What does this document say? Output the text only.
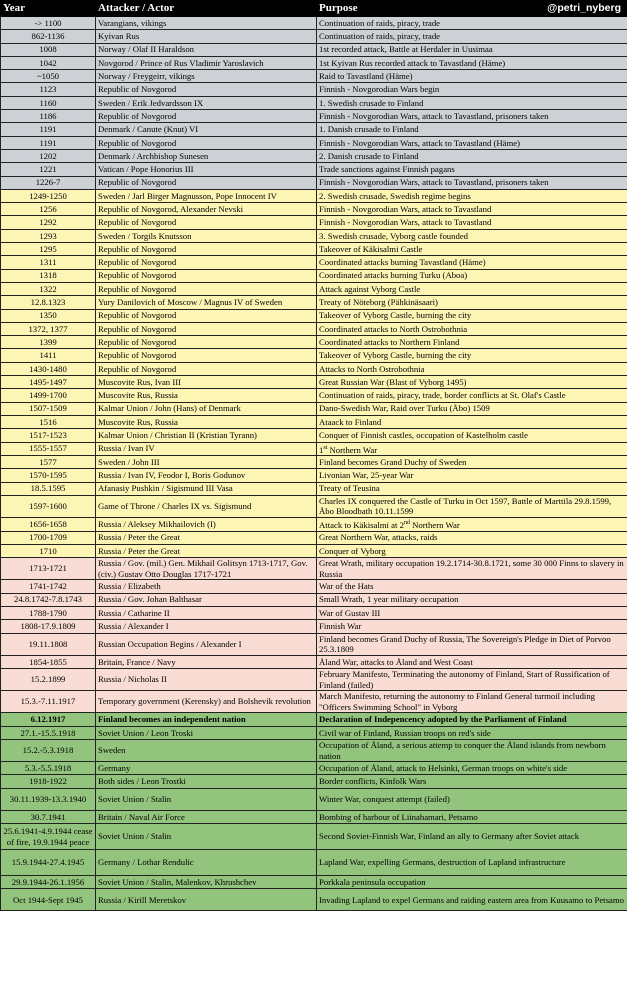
Year	Attacker / Actor	Purpose @petri_nyberg

-> 1100	Varangians, vikings	Continuation of raids, piracy, trade
862-1136	Kyivan Rus	Continuation of raids, piracy, trade
1008	Norway / Olaf II Haraldson	1st recorded attack, Battle at Herdaler in Uusimaa
1042	Novgorod / Prince of Rus Vladimir Yaroslavich	1st Kyivan Rus recorded attack to Tavastland (Häme)
~1050	Norway / Freygeirr, vikings	Raid to Tavastland (Häme)
1123	Republic of Novgorod	Finnish - Novgorodian Wars begin
1160	Sweden / Erik Jedvardsson IX	1. Swedish crusade to Finland
1186	Republic of Novgorod	Finnish - Novgorodian Wars, attack to Tavastland, prisoners taken
1191	Denmark / Canute (Knut) VI	1. Danish crusade to Finland
1191	Republic of Novgorod	Finnish - Novgorodian Wars, attack to Tavastland (Häme)
1202	Denmark / Archbishop Sunesen	2. Danish crusade to Finland
1221	Vatican / Pope Honorius III	Trade sanctions against Finnish pagans
1226-7	Republic of Novgorod	Finnish - Novgorodian Wars, attack to Tavastland, prisoners taken
1249-1250	Sweden / Jarl Birger Magnusson, Pope Innocent IV	2. Swedish crusade, Swedish regime begins
1256	Republic of Novgorod, Alexander Nevski	Finnish - Novgorodian Wars, attack to Tavastland
1292	Republic of Novgorod	Finnish - Novgorodian Wars, attack to Tavastland
1293	Sweden / Torgils Knutsson	3. Swedish crusade, Vyborg castle founded
1295	Republic of Novgorod	Takeover of Käkisalmi Castle
1311	Republic of Novgorod	Coordinated attacks burning Tavastland (Häme)
1318	Republic of Novgorod	Coordinated attacks burning Turku (Aboa)
1322	Republic of Novgorod	Attack against Vyborg Castle
12.8.1323	Yury Danilovich of Moscow / Magnus IV of Sweden	Treaty of Nöteborg (Pähkinäsaari)
1350	Republic of Novgorod	Takeover of Vyborg Castle, burning the city
1372, 1377	Republic of Novgorod	Coordinated attacks to North Ostrobothnia
1399	Republic of Novgorod	Coordinated attacks to Northern Finland
1411	Republic of Novgorod	Takeover of Vyborg Castle, burning the city
1430-1480	Republic of Novgorod	Attacks to North Ostrobothnia
1495-1497	Muscovite Rus, Ivan III	Great Russian War (Blast of Vyborg 1495)
1499-1700	Muscovite Rus, Russia	Continuation of raids, piracy, trade, border conflicts at St. Olaf's Castle
1507-1509	Kalmar Union / John (Hans) of Denmark	Dano-Swedish War, Raid over Turku (Åbo) 1509
1516	Muscovite Rus, Russia	Ataack to Finland
1517-1523	Kalmar Union / Christian II (Kristian Tyrann)	Conquer of Finnish castles, occupation of Kastelholm castle
1555-1557	Russia / Ivan IV	1st Northern War
1577	Sweden / John III	Finland becomes Grand Duchy of Sweden
1570-1595	Russia / Ivan IV, Feodor I, Boris Godunov	Livonian War, 25-year War
18.5.1595	Afanasiy Pushkin / Sigismund III Vasa	Treaty of Teusina
1597-1600	Game of Throne / Charles IX vs. Sigismund	Charles IX conquered the Castle of Turku in Oct 1597, Battle of Marttila 29.8.1599, Åbo Bloodbath 10.11.1599
1656-1658	Russia / Aleksey Mikhailovich (I)	Attack to Käkisalmi at 2nd Northern War
1700-1709	Russia / Peter the Great	Great Northern War, attacks, raids
1710	Russia / Peter the Great	Conquer of Vyborg
1713-1721	Russia / Gov. (mil.) Gen. Mikhail Golitsyn 1713-1717, Gov. (civ.) Gustav Otto Douglas 1717-1721	Great Wrath, military occupation 19.2.1714-30.8.1721, some 30 000 Finns to slavery in Russia
1741-1742	Russia / Elizabeth	War of the Hats
24.8.1742-7.8.1743	Russia / Gov. Johan Balthasar	Small Wrath, 1 year military occupation
1788-1790	Russia / Catharine II	War of Gustav III
1808-17.9.1809	Russia / Alexander I	Finnish War
19.11.1808	Russian Occupation Begins / Alexander I	Finland becomes Grand Duchy of Russia, The Sovereign's Pledge in Diet of Porvoo 25.3.1809
1854-1855	Britain, France / Navy	Åland War, attacks to Åland and West Coast
15.2.1899	Russia / Nicholas II	February Manifesto, Terminating the autonomy of Finland, Start of Russification of Finland (failed)
15.3.-7.11.1917	Temporary government (Kerensky) and Bolshevik revolution	March Manifesto, returning the autonomy to Finland General turmoil including "Officers Swimming School" in Vyborg
6.12.1917	Finland becomes an independent nation	Declaration of Indepencency adopted by the Parliament of Finland
27.1.-15.5.1918	Soviet Union / Leon Troski	Civil war of Finland, Russian troops on red's side
15.2.-5.3.1918	Sweden	Occupation of Åland, a serious attemp to conquer the Åland islands from newborn nation
5.3.-5.5.1918	Germany	Occupation of Åland, attack to Helsinki, German troops on white's side
1918-1922	Both sides / Leon Trostki	Border conflicts, Kinfolk Wars
30.11.1939-13.3.1940	Soviet Union / Stalin	Winter War, conquest attempt (failed)
30.7.1941	Britain / Naval Air Force	Bombing of harbour of Liinahamari, Petsamo
25.6.1941-4.9.1944 cease of fire, 19.9.1944 peace	Soviet Union / Stalin	Second Soviet-Finnish War, Finland an ally to Germany after Soviet attack
15.9.1944-27.4.1945	Germany / Lothar Rendulic	Lapland War, expelling Germans, destruction of Lapland infrastructure
29.9.1944-26.1.1956	Soviet Union / Stalin, Malenkov, Khrushchev	Porkkala peninsula occupation
Oct 1944-Sept 1945	Russia / Kirill Meretskov	Invading Lapland to expel Germans and raiding eastern area from Kuusamo to Petsamo
